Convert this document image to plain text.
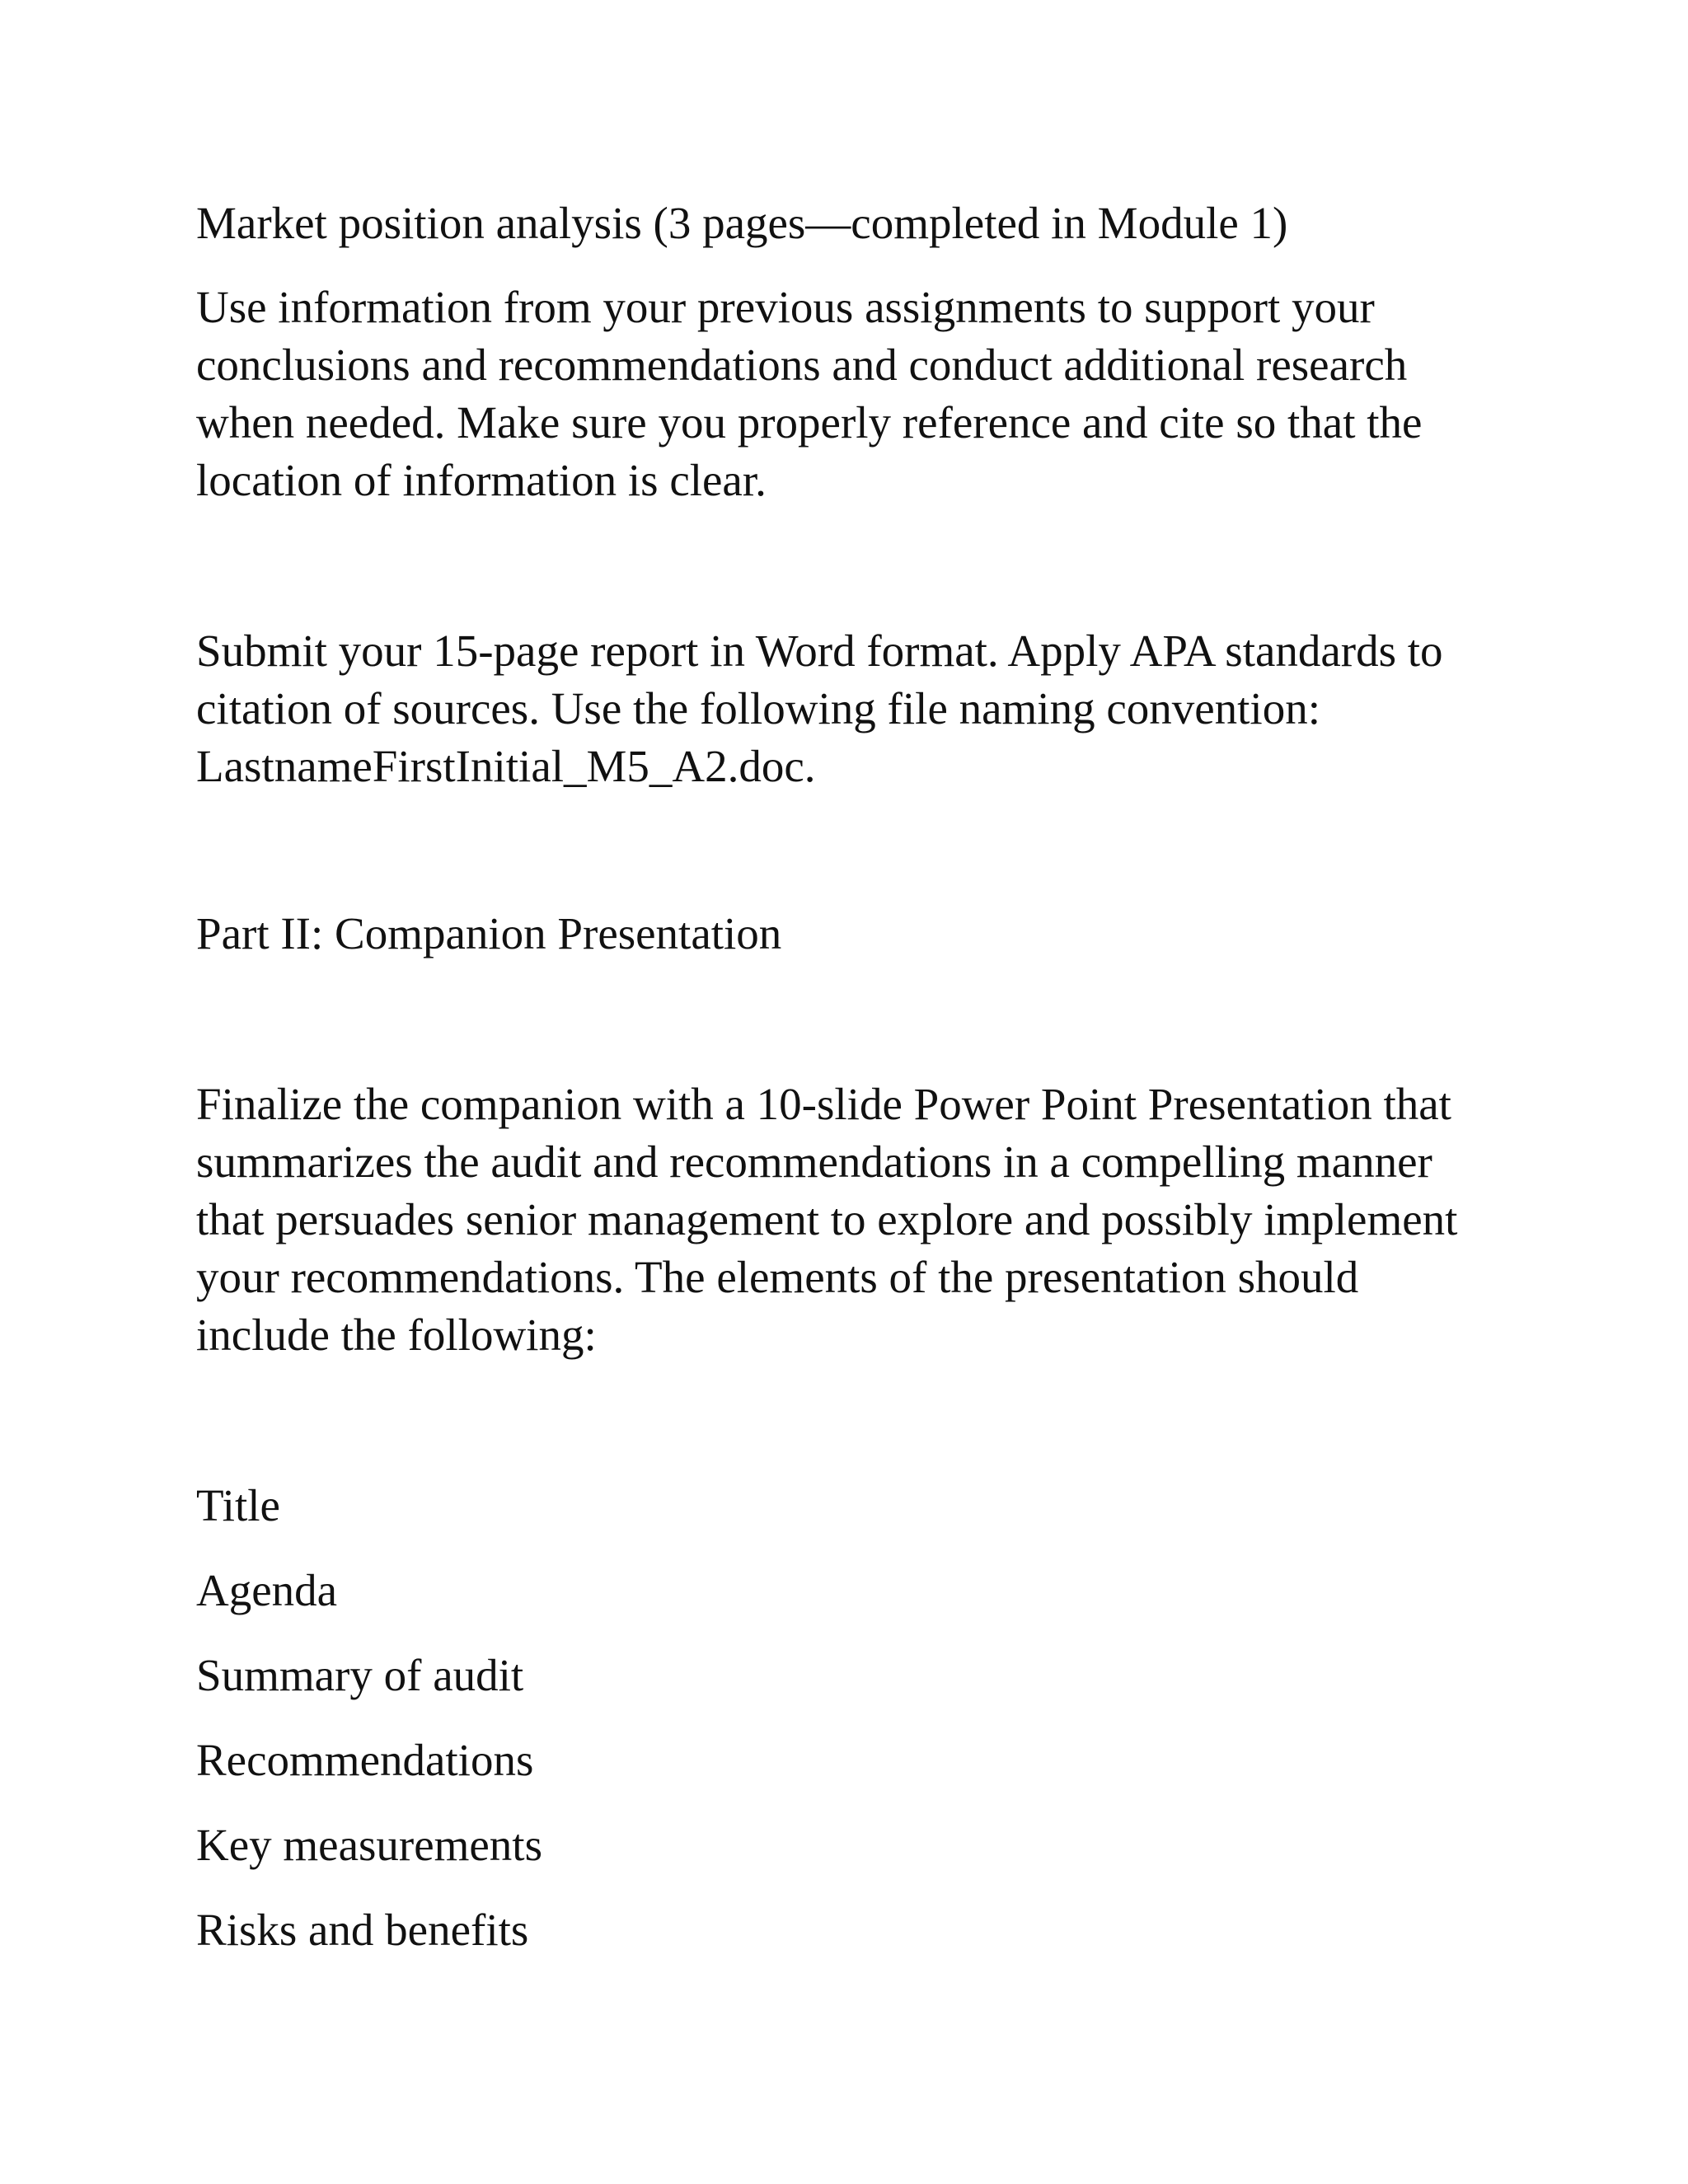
Market position analysis (3 pages—completed in Module 1)

Use information from your previous assignments to support your conclusions and recommendations and conduct additional research when needed. Make sure you properly reference and cite so that the location of information is clear.

Submit your 15-page report in Word format. Apply APA standards to citation of sources. Use the following file naming convention: LastnameFirstInitial_M5_A2.doc.

Part II: Companion Presentation

Finalize the companion with a 10-slide Power Point Presentation that summarizes the audit and recommendations in a compelling manner that persuades senior management to explore and possibly implement your recommendations. The elements of the presentation should include the following:

Title

Agenda

Summary of audit

Recommendations

Key measurements

Risks and benefits
